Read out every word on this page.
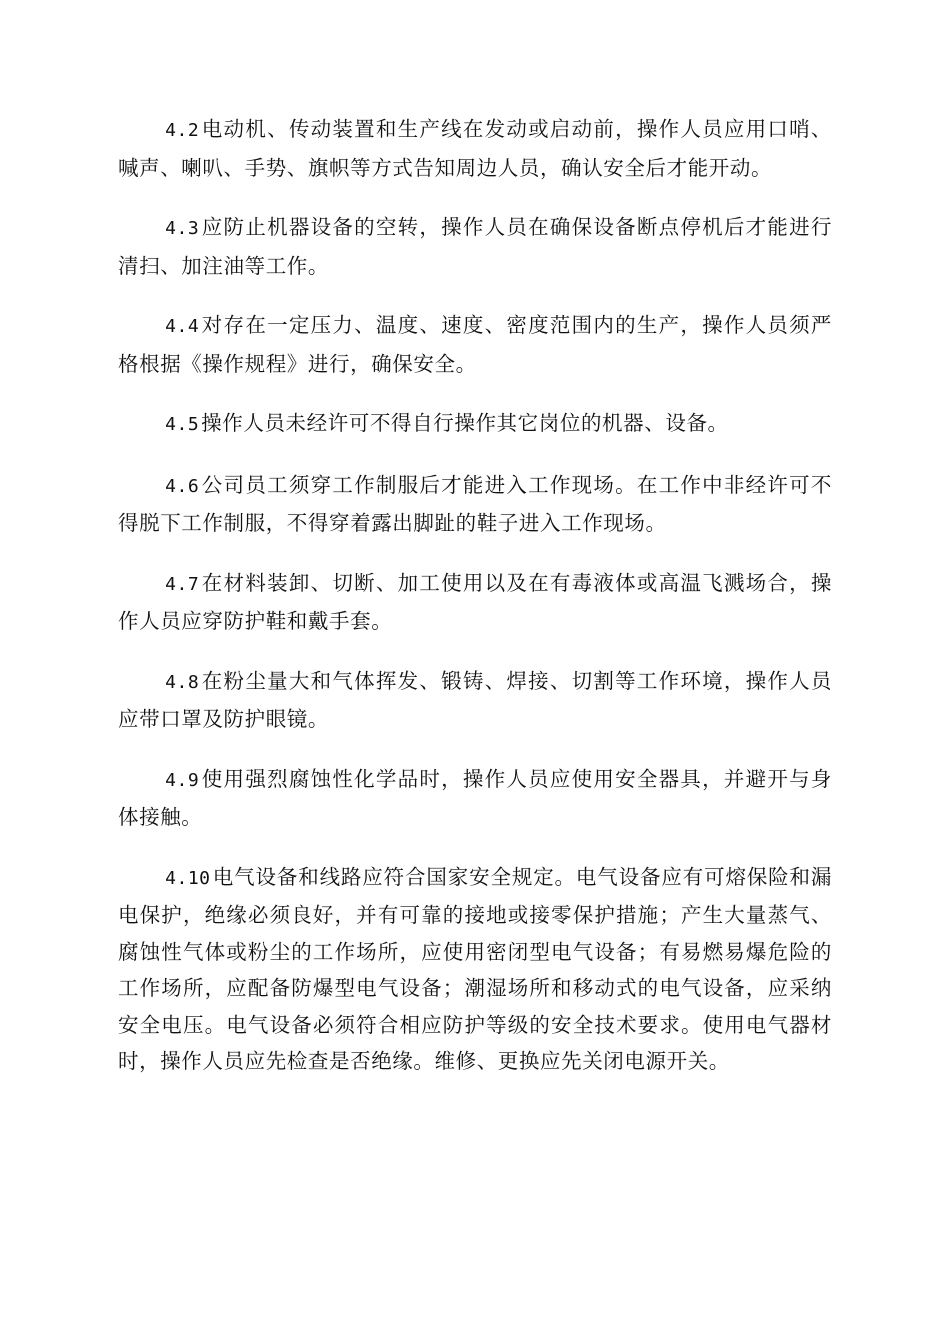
4.2电动机、传动装置和生产线在发动或启动前，操作人员应用口哨、喊声、喇叭、手势、旗帜等方式告知周边人员，确认安全后才能开动。

4.3应防止机器设备的空转，操作人员在确保设备断点停机后才能进行清扫、加注油等工作。

4.4对存在一定压力、温度、速度、密度范围内的生产，操作人员须严格根据《操作规程》进行，确保安全。

4.5操作人员未经许可不得自行操作其它岗位的机器、设备。

4.6公司员工须穿工作制服后才能进入工作现场。在工作中非经许可不得脱下工作制服，不得穿着露出脚趾的鞋子进入工作现场。

4.7在材料装卸、切断、加工使用以及在有毒液体或高温飞溅场合，操作人员应穿防护鞋和戴手套。

4.8在粉尘量大和气体挥发、锻铸、焊接、切割等工作环境，操作人员应带口罩及防护眼镜。

4.9使用强烈腐蚀性化学品时，操作人员应使用安全器具，并避开与身体接触。

4.10电气设备和线路应符合国家安全规定。电气设备应有可熔保险和漏电保护，绝缘必须良好，并有可靠的接地或接零保护措施；产生大量蒸气、腐蚀性气体或粉尘的工作场所，应使用密闭型电气设备；有易燃易爆危险的工作场所，应配备防爆型电气设备；潮湿场所和移动式的电气设备，应采纳安全电压。电气设备必须符合相应防护等级的安全技术要求。使用电气器材时，操作人员应先检查是否绝缘。维修、更换应先关闭电源开关。
